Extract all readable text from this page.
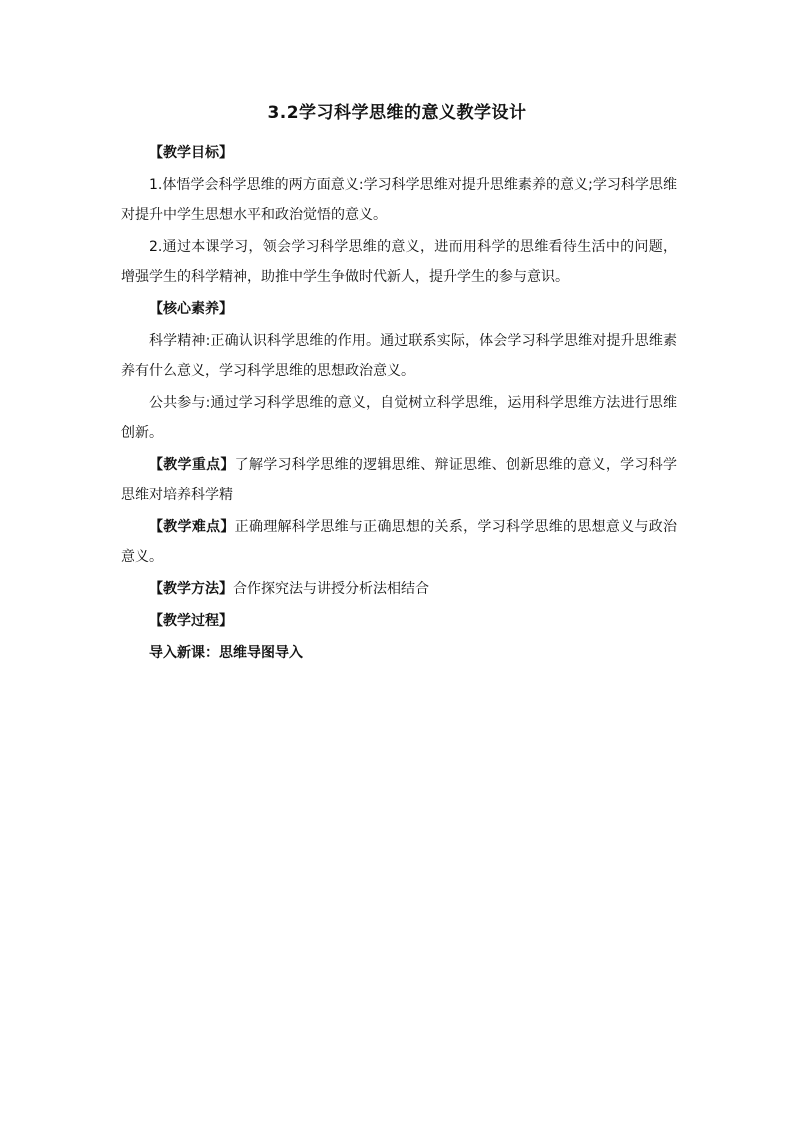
3.2学习科学思维的意义教学设计

【教学目标】

1.体悟学会科学思维的两方面意义:学习科学思维对提升思维素养的意义;学习科学思维对提升中学生思想水平和政治觉悟的意义。

2.通过本课学习，领会学习科学思维的意义，进而用科学的思维看待生活中的问题，增强学生的科学精神，助推中学生争做时代新人，提升学生的参与意识。

【核心素养】

科学精神:正确认识科学思维的作用。通过联系实际，体会学习科学思维对提升思维素养有什么意义，学习科学思维的思想政治意义。

公共参与:通过学习科学思维的意义，自觉树立科学思维，运用科学思维方法进行思维创新。

【教学重点】了解学习科学思维的逻辑思维、辩证思维、创新思维的意义，学习科学思维对培养科学精

【教学难点】正确理解科学思维与正确思想的关系，学习科学思维的思想意义与政治意义。

【教学方法】合作探究法与讲授分析法相结合

【教学过程】

导入新课：思维导图导入
